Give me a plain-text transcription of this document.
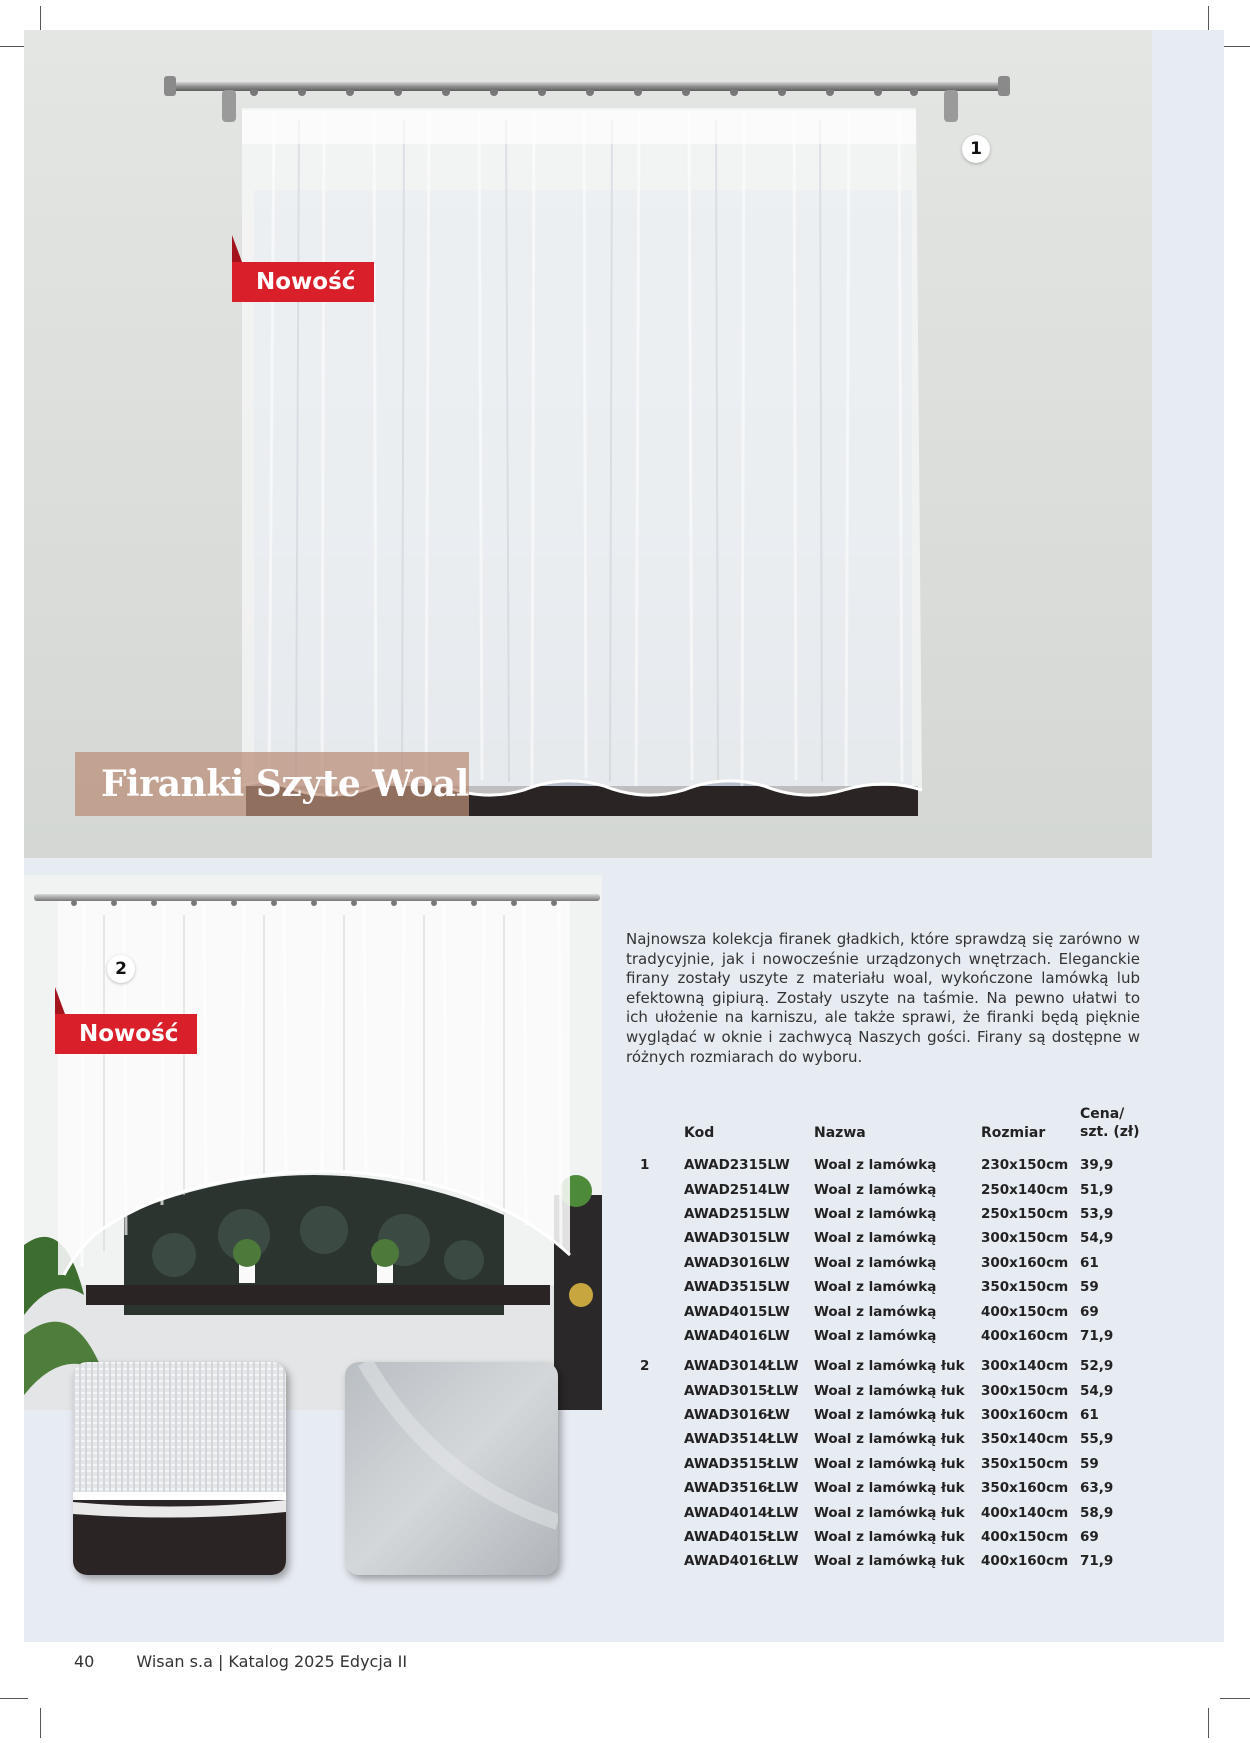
Nowość
1
Firanki Szyte Woal
2
Nowość
Najnowsza kolekcja firanek gładkich, które sprawdzą się zarówno w tradycyjnie, jak i nowocześnie urządzonych wnętrzach. Eleganckie firany zostały uszyte z materiału woal, wykończone lamówką lub efektowną gipiurą. Zostały uszyte na taśmie. Na pewno ułatwi to ich ułożenie na karniszu, ale także sprawi, że firanki będą pięknie wyglądać w oknie i zachwycą Naszych gości. Firany są dostępne w różnych rozmiarach do wyboru.
	Kod	Nazwa	Rozmiar	Cena/ szt. (zł)
1	AWAD2315LW	Woal z lamówką	230x150cm	39,9
	AWAD2514LW	Woal z lamówką	250x140cm	51,9
	AWAD2515LW	Woal z lamówką	250x150cm	53,9
	AWAD3015LW	Woal z lamówką	300x150cm	54,9
	AWAD3016LW	Woal z lamówką	300x160cm	61
	AWAD3515LW	Woal z lamówką	350x150cm	59
	AWAD4015LW	Woal z lamówką	400x150cm	69
	AWAD4016LW	Woal z lamówką	400x160cm	71,9

2	AWAD3014ŁLW	Woal z lamówką łuk	300x140cm	52,9
	AWAD3015ŁLW	Woal z lamówką łuk	300x150cm	54,9
	AWAD3016ŁW	Woal z lamówką łuk	300x160cm	61
	AWAD3514ŁLW	Woal z lamówką łuk	350x140cm	55,9
	AWAD3515ŁLW	Woal z lamówką łuk	350x150cm	59
	AWAD3516ŁLW	Woal z lamówką łuk	350x160cm	63,9
	AWAD4014ŁLW	Woal z lamówką łuk	400x140cm	58,9
	AWAD4015ŁLW	Woal z lamówką łuk	400x150cm	69
	AWAD4016ŁLW	Woal z lamówką łuk	400x160cm	71,9
40	Wisan s.a | Katalog 2025 Edycja II
